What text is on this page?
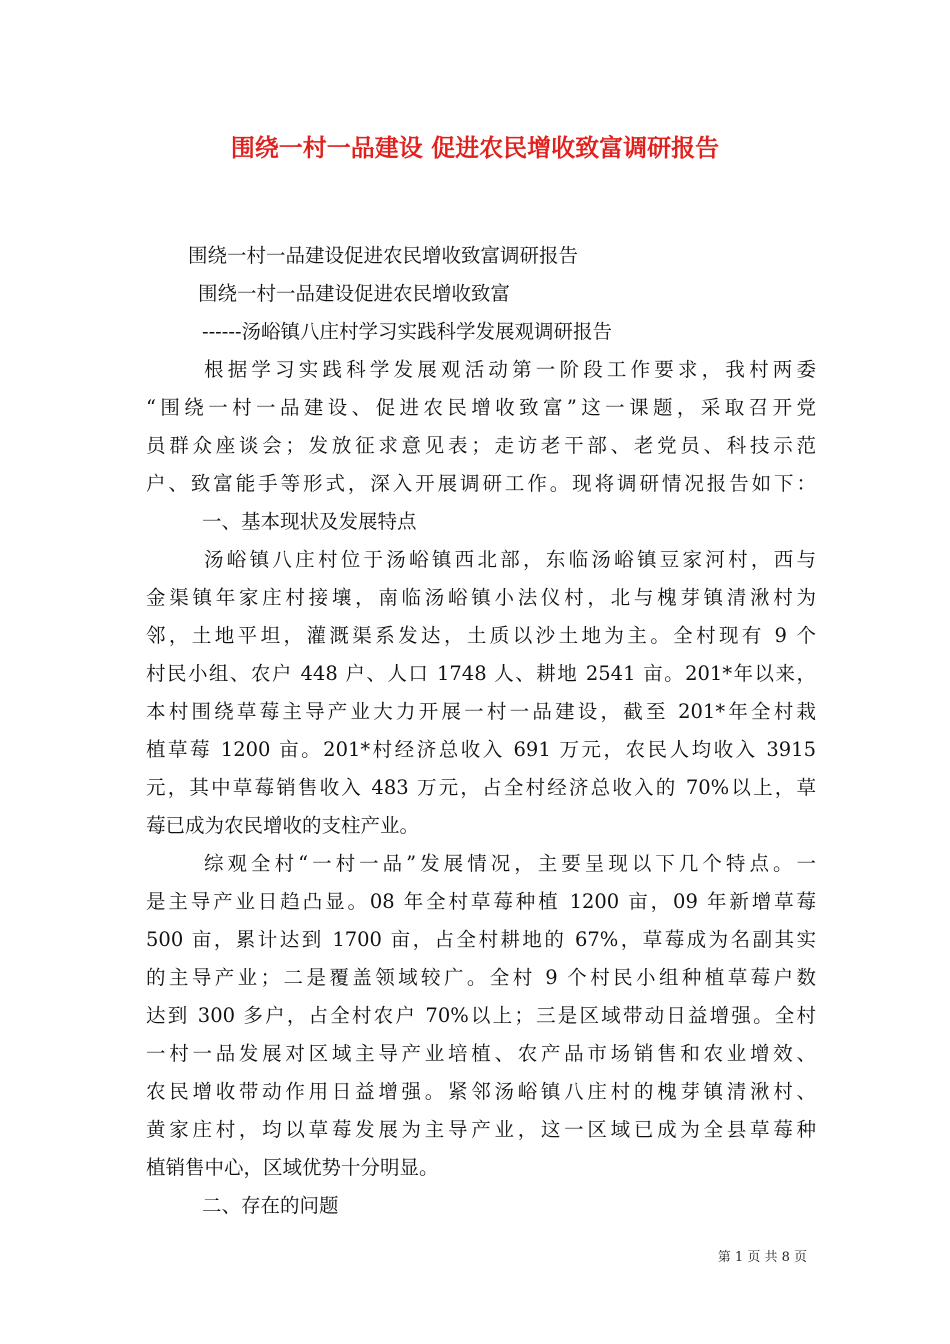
围绕一村一品建设 促进农民增收致富调研报告

围绕一村一品建设促进农民增收致富调研报告

围绕一村一品建设促进农民增收致富

------汤峪镇八庄村学习实践科学发展观调研报告

根据学习实践科学发展观活动第一阶段工作要求，我村两委

“围绕一村一品建设、促进农民增收致富”这一课题，采取召开党

员群众座谈会；发放征求意见表；走访老干部、老党员、科技示范

户、致富能手等形式，深入开展调研工作。现将调研情况报告如下：

一、基本现状及发展特点

汤峪镇八庄村位于汤峪镇西北部，东临汤峪镇豆家河村，西与

金渠镇年家庄村接壤，南临汤峪镇小法仪村，北与槐芽镇清湫村为

邻，土地平坦，灌溉渠系发达，土质以沙土地为主。全村现有 9 个

村民小组、农户 448 户、人口 1748 人、耕地 2541 亩。201*年以来，

本村围绕草莓主导产业大力开展一村一品建设，截至 201*年全村栽

植草莓 1200 亩。201*村经济总收入 691 万元，农民人均收入 3915

元，其中草莓销售收入 483 万元，占全村经济总收入的 70%以上，草

莓已成为农民增收的支柱产业。

综观全村“一村一品”发展情况，主要呈现以下几个特点。一

是主导产业日趋凸显。08 年全村草莓种植 1200 亩，09 年新增草莓

500 亩，累计达到 1700 亩，占全村耕地的 67%，草莓成为名副其实

的主导产业；二是覆盖领域较广。全村 9 个村民小组种植草莓户数

达到 300 多户，占全村农户 70%以上；三是区域带动日益增强。全村

一村一品发展对区域主导产业培植、农产品市场销售和农业增效、

农民增收带动作用日益增强。紧邻汤峪镇八庄村的槐芽镇清湫村、

黄家庄村，均以草莓发展为主导产业，这一区域已成为全县草莓种

植销售中心，区域优势十分明显。

二、存在的问题

第 1 页 共 8 页
